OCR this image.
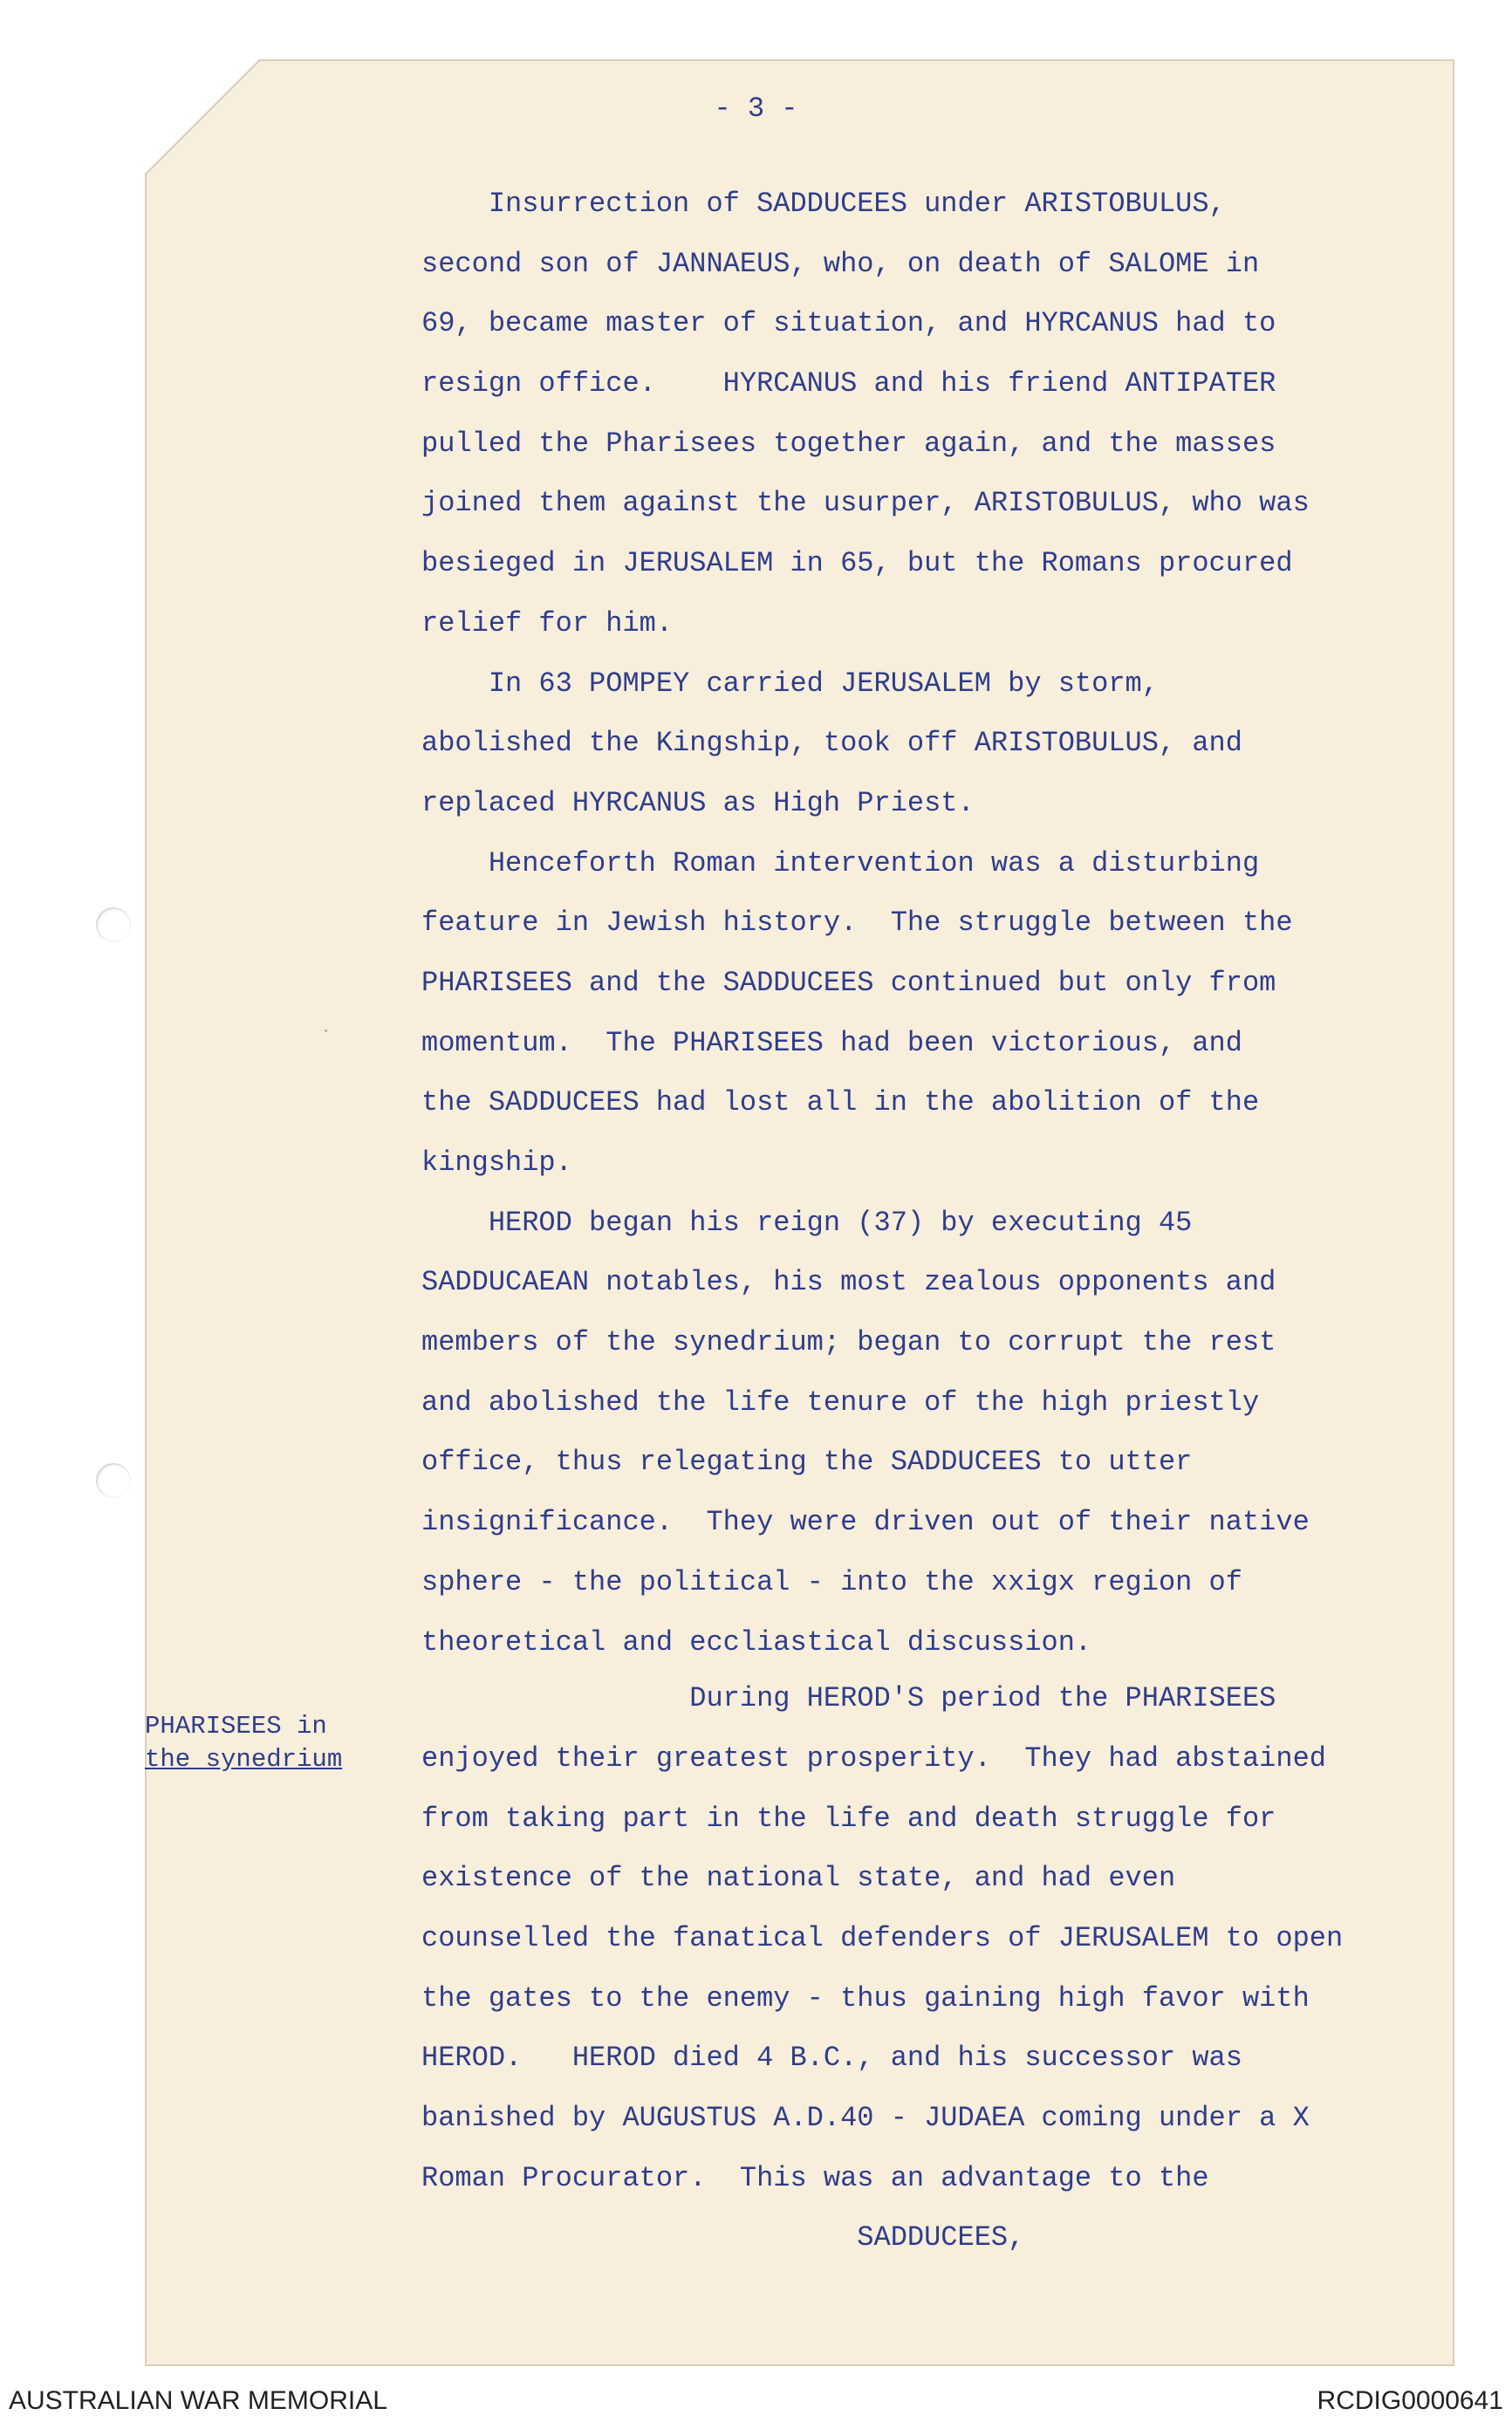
- 3 -
PHARISEES in
the synedrium
Insurrection of SADDUCEES under ARISTOBULUS,
second son of JANNAEUS, who, on death of SALOME in
69, became master of situation, and HYRCANUS had to
resign office.    HYRCANUS and his friend ANTIPATER
pulled the Pharisees together again, and the masses
joined them against the usurper, ARISTOBULUS, who was
besieged in JERUSALEM in 65, but the Romans procured
relief for him.
In 63 POMPEY carried JERUSALEM by storm,
abolished the Kingship, took off ARISTOBULUS, and
replaced HYRCANUS as High Priest.
Henceforth Roman intervention was a disturbing
feature in Jewish history.  The struggle between the
PHARISEES and the SADDUCEES continued but only from
momentum.  The PHARISEES had been victorious, and
the SADDUCEES had lost all in the abolition of the
kingship.
HEROD began his reign (37) by executing 45
SADDUCAEAN notables, his most zealous opponents and
members of the synedrium; began to corrupt the rest
and abolished the life tenure of the high priestly
office, thus relegating the SADDUCEES to utter
insignificance.  They were driven out of their native
sphere - the political - into the xxigx region of
theoretical and eccliastical discussion.
During HEROD'S period the PHARISEES
enjoyed their greatest prosperity.  They had abstained
from taking part in the life and death struggle for
existence of the national state, and had even
counselled the fanatical defenders of JERUSALEM to open
the gates to the enemy - thus gaining high favor with
HEROD.   HEROD died 4 B.C., and his successor was
banished by AUGUSTUS A.D.40 - JUDAEA coming under a X
Roman Procurator.  This was an advantage to the
SADDUCEES,
AUSTRALIAN WAR MEMORIAL	RCDIG0000641
